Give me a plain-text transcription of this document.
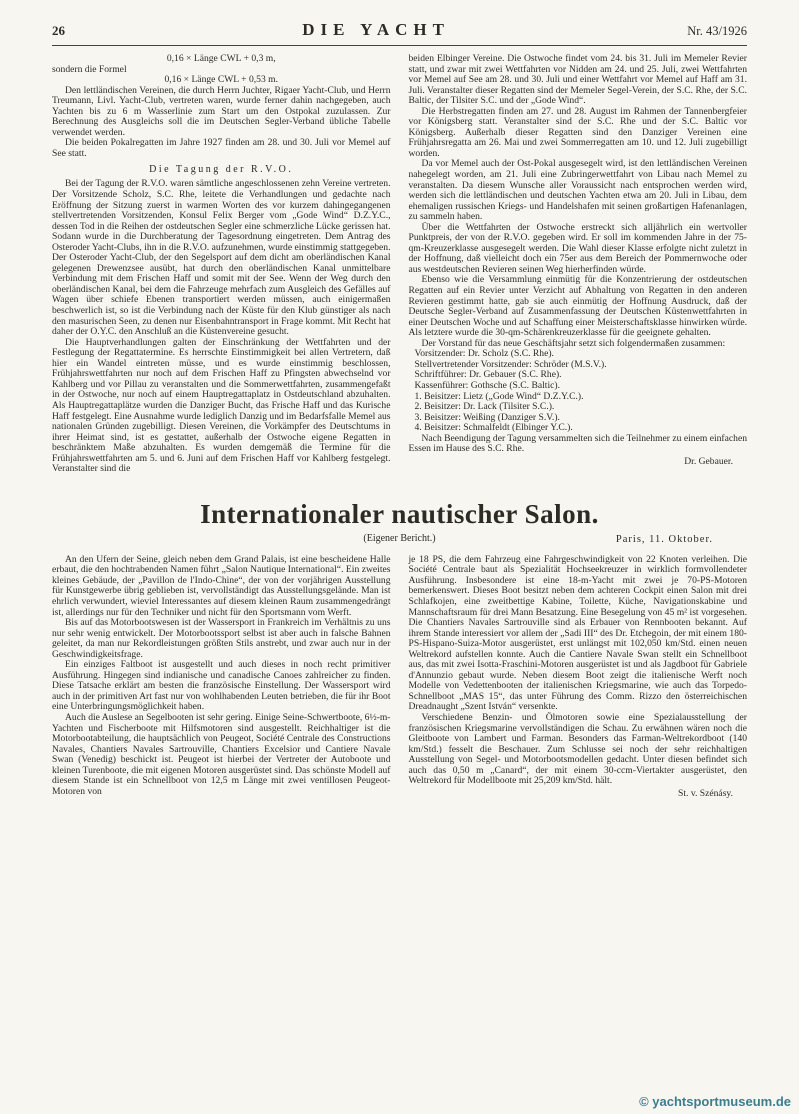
26	DIE YACHT	Nr. 43/1926

0,16 × Länge CWL + 0,3 m,

sondern die Formel

0,16 × Länge CWL + 0,53 m.

Den lettländischen Vereinen, die durch Herrn Juchter, Rigaer Yacht-Club, und Herrn Treumann, Livl. Yacht-Club, vertreten waren, wurde ferner dahin nachgegeben, auch Yachten bis zu 6 m Wasserlinie zum Start um den Ostpokal zuzulassen. Zur Berechnung des Ausgleichs soll die im Deutschen Segler-Verband übliche Tabelle verwendet werden.

Die beiden Pokalregatten im Jahre 1927 finden am 28. und 30. Juli vor Memel auf See statt.

Die Tagung der R.V.O.

Bei der Tagung der R.V.O. waren sämtliche angeschlossenen zehn Vereine vertreten. Der Vorsitzende Scholz, S.C. Rhe, leitete die Verhandlungen und gedachte nach Eröffnung der Sitzung zuerst in warmen Worten des vor kurzem dahingegangenen stellvertretenden Vorsitzenden, Konsul Felix Berger vom „Gode Wind“ D.Z.Y.C., dessen Tod in die Reihen der ostdeutschen Segler eine schmerzliche Lücke gerissen hat. Sodann wurde in die Durchberatung der Tagesordnung eingetreten. Dem Antrag des Osteroder Yacht-Clubs, ihn in die R.V.O. aufzunehmen, wurde einstimmig stattgegeben. Der Osteroder Yacht-Club, der den Segelsport auf dem dicht am oberländischen Kanal gelegenen Drewenzsee ausübt, hat durch den oberländischen Kanal unmittelbare Verbindung mit dem Frischen Haff und somit mit der See. Wenn der Weg durch den oberländischen Kanal, bei dem die Fahrzeuge mehrfach zum Ausgleich des Gefälles auf Wagen über schiefe Ebenen transportiert werden müssen, auch einigermaßen beschwerlich ist, so ist die Verbindung nach der Küste für den Klub günstiger als nach den masurischen Seen, zu denen nur Eisenbahntransport in Frage kommt. Mit Recht hat daher der O.Y.C. den Anschluß an die Küstenvereine gesucht.

Die Hauptverhandlungen galten der Einschränkung der Wettfahrten und der Festlegung der Regattatermine. Es herrschte Einstimmigkeit bei allen Vertretern, daß hier ein Wandel eintreten müsse, und es wurde einstimmig beschlossen, Frühjahrswettfahrten nur noch auf dem Frischen Haff zu Pfingsten abwechselnd vor Kahlberg und vor Pillau zu veranstalten und die Sommerwettfahrten, zusammengefaßt in der Ostwoche, nur noch auf einem Hauptregattaplatz in Ostdeutschland abzuhalten. Als Hauptregattaplätze wurden die Danziger Bucht, das Frische Haff und das Kurische Haff festgelegt. Eine Ausnahme wurde lediglich Danzig und im Bedarfsfalle Memel aus nationalen Gründen zugebilligt. Diesen Vereinen, die Vorkämpfer des Deutschtums in ihrer Heimat sind, ist es gestattet, außerhalb der Ostwoche eigene Regatten in beschränktem Maße abzuhalten. Es wurden demgemäß die Termine für die Frühjahrswettfahrten am 5. und 6. Juni auf dem Frischen Haff vor Kahlberg festgelegt. Veranstalter sind die

beiden Elbinger Vereine. Die Ostwoche findet vom 24. bis 31. Juli im Memeler Revier statt, und zwar mit zwei Wettfahrten vor Nidden am 24. und 25. Juli, zwei Wettfahrten vor Memel auf See am 28. und 30. Juli und einer Wettfahrt vor Memel auf Haff am 31. Juli. Veranstalter dieser Regatten sind der Memeler Segel-Verein, der S.C. Rhe, der S.C. Baltic, der Tilsiter S.C. und der „Gode Wind“.

Die Herbstregatten finden am 27. und 28. August im Rahmen der Tannenbergfeier vor Königsberg statt. Veranstalter sind der S.C. Rhe und der S.C. Baltic vor Königsberg. Außerhalb dieser Regatten sind den Danziger Vereinen eine Frühjahrsregatta am 26. Mai und zwei Sommerregatten am 10. und 12. Juli zugebilligt worden.

Da vor Memel auch der Ost-Pokal ausgesegelt wird, ist den lettländischen Vereinen nahegelegt worden, am 21. Juli eine Zubringerwettfahrt von Libau nach Memel zu veranstalten. Da diesem Wunsche aller Voraussicht nach entsprochen werden wird, werden sich die lettländischen und deutschen Yachten etwa am 20. Juli in Libau, dem ehemaligen russischen Kriegs- und Handelshafen mit seinen großartigen Hafenanlagen, zu sammeln haben.

Über die Wettfahrten der Ostwoche erstreckt sich alljährlich ein wertvoller Punktpreis, der von der R.V.O. gegeben wird. Er soll im kommenden Jahre in der 75-qm-Kreuzerklasse ausgesegelt werden. Die Wahl dieser Klasse erfolgte nicht zuletzt in der Hoffnung, daß vielleicht doch ein 75er aus dem Bereich der Pommernwoche oder aus westdeutschen Revieren seinen Weg hierherfinden würde.

Ebenso wie die Versammlung einmütig für die Konzentrierung der ostdeutschen Regatten auf ein Revier unter Verzicht auf Abhaltung von Regatten in den anderen Revieren gestimmt hatte, gab sie auch einmütig der Hoffnung Ausdruck, daß der Deutsche Segler-Verband auf Zusammenfassung der Deutschen Küstenwettfahrten in einer Deutschen Woche und auf Schaffung einer Meisterschaftsklasse hinwirken würde. Als letztere wurde die 30-qm-Schärenkreuzerklasse für die geeignete gehalten.

Der Vorstand für das neue Geschäftsjahr setzt sich folgendermaßen zusammen:

Vorsitzender: Dr. Scholz (S.C. Rhe).

Stellvertretender Vorsitzender: Schröder (M.S.V.).

Schriftführer: Dr. Gebauer (S.C. Rhe).

Kassenführer: Gothsche (S.C. Baltic).

1. Beisitzer: Lietz („Gode Wind“ D.Z.Y.C.).

2. Beisitzer: Dr. Lack (Tilsiter S.C.).

3. Beisitzer: Weißing (Danziger S.V.).

4. Beisitzer: Schmalfeldt (Elbinger Y.C.).

Nach Beendigung der Tagung versammelten sich die Teilnehmer zu einem einfachen Essen im Hause des S.C. Rhe.

Dr. Gebauer.

Internationaler nautischer Salon.
(Eigener Bericht.)	Paris, 11. Oktober.

An den Ufern der Seine, gleich neben dem Grand Palais, ist eine bescheidene Halle erbaut, die den hochtrabenden Namen führt „Salon Nautique International“. Ein zweites kleines Gebäude, der „Pavillon de l'Indo-Chine“, der von der vorjährigen Ausstellung für Kunstgewerbe übrig geblieben ist, vervollständigt das Ausstellungsgelände. Man ist ehrlich verwundert, wieviel Interessantes auf diesem kleinen Raum zusammengedrängt ist, allerdings nur für den Techniker und nicht für den Sportsmann vom Werft.

Bis auf das Motorbootswesen ist der Wassersport in Frankreich im Verhältnis zu uns nur sehr wenig entwickelt. Der Motorbootssport selbst ist aber auch in falsche Bahnen geleitet, da man nur Rekordleistungen größten Stils anstrebt, und zwar auch nur in der Geschwindigkeitsfrage.

Ein einziges Faltboot ist ausgestellt und auch dieses in noch recht primitiver Ausführung. Hingegen sind indianische und canadische Canoes zahlreicher zu finden. Diese Tatsache erklärt am besten die französische Einstellung. Der Wassersport wird auch in der primitiven Art fast nur von wohlhabenden Leuten betrieben, die für ihr Boot eine Unterbringungsmöglichkeit haben.

Auch die Auslese an Segelbooten ist sehr gering. Einige Seine-Schwertboote, 6½-m-Yachten und Fischerboote mit Hilfsmotoren sind ausgestellt. Reichhaltiger ist die Motorbootabteilung, die hauptsächlich von Peugeot, Société Centrale des Constructions Navales, Chantiers Navales Sartrouville, Chantiers Excelsior und Cantiere Navale Swan (Venedig) beschickt ist. Peugeot ist hierbei der Vertreter der Autoboote und kleinen Turenboote, die mit eigenen Motoren ausgerüstet sind. Das schönste Modell auf diesem Stande ist ein Schnellboot von 12,5 m Länge mit zwei ventillosen Peugeot-Motoren von

je 18 PS, die dem Fahrzeug eine Fahrgeschwindigkeit von 22 Knoten verleihen. Die Société Centrale baut als Spezialität Hochseekreuzer in wirklich formvollendeter Ausführung. Insbesondere ist eine 18-m-Yacht mit zwei je 70-PS-Motoren bemerkenswert. Dieses Boot besitzt neben dem achteren Cockpit einen Salon mit drei Schlafkojen, eine zweitbettige Kabine, Toilette, Küche, Navigationskabine und Mannschaftsraum für drei Mann Besatzung. Eine Besegelung von 45 m² ist vorgesehen. Die Chantiers Navales Sartrouville sind als Erbauer von Rennbooten bekannt. Auf ihrem Stande interessiert vor allem der „Sadi III“ des Dr. Etchegoin, der mit einem 180-PS-Hispano-Suiza-Motor ausgerüstet, erst unlängst mit 102,050 km/Std. einen neuen Weltrekord aufstellen konnte. Auch die Cantiere Navale Swan stellt ein Schnellboot aus, das mit zwei Isotta-Fraschini-Motoren ausgerüstet ist und als Jagdboot für Gabriele d'Annunzio gebaut wurde. Neben diesem Boot zeigt die italienische Werft noch Modelle von Vedettenbooten der italienischen Kriegsmarine, wie auch das Torpedo-Schnellboot „MAS 15“, das unter Führung des Comm. Rizzo den österreichischen Dreadnaught „Szent István“ versenkte.

Verschiedene Benzin- und Ölmotoren sowie eine Spezialausstellung der französischen Kriegsmarine vervollständigen die Schau. Zu erwähnen wären noch die Gleitboote von Lambert und Farman. Besonders das Farman-Weltrekordboot (140 km/Std.) fesselt die Beschauer. Zum Schlusse sei noch der sehr reichhaltigen Ausstellung von Segel- und Motorbootsmodellen gedacht. Unter diesen befindet sich auch das 0,50 m „Canard“, der mit einem 30-ccm-Viertakter ausgerüstet, den Weltrekord für Modellboote mit 25,209 km/Std. hält.

St. v. Szénásy.

© yachtsportmuseum.de
